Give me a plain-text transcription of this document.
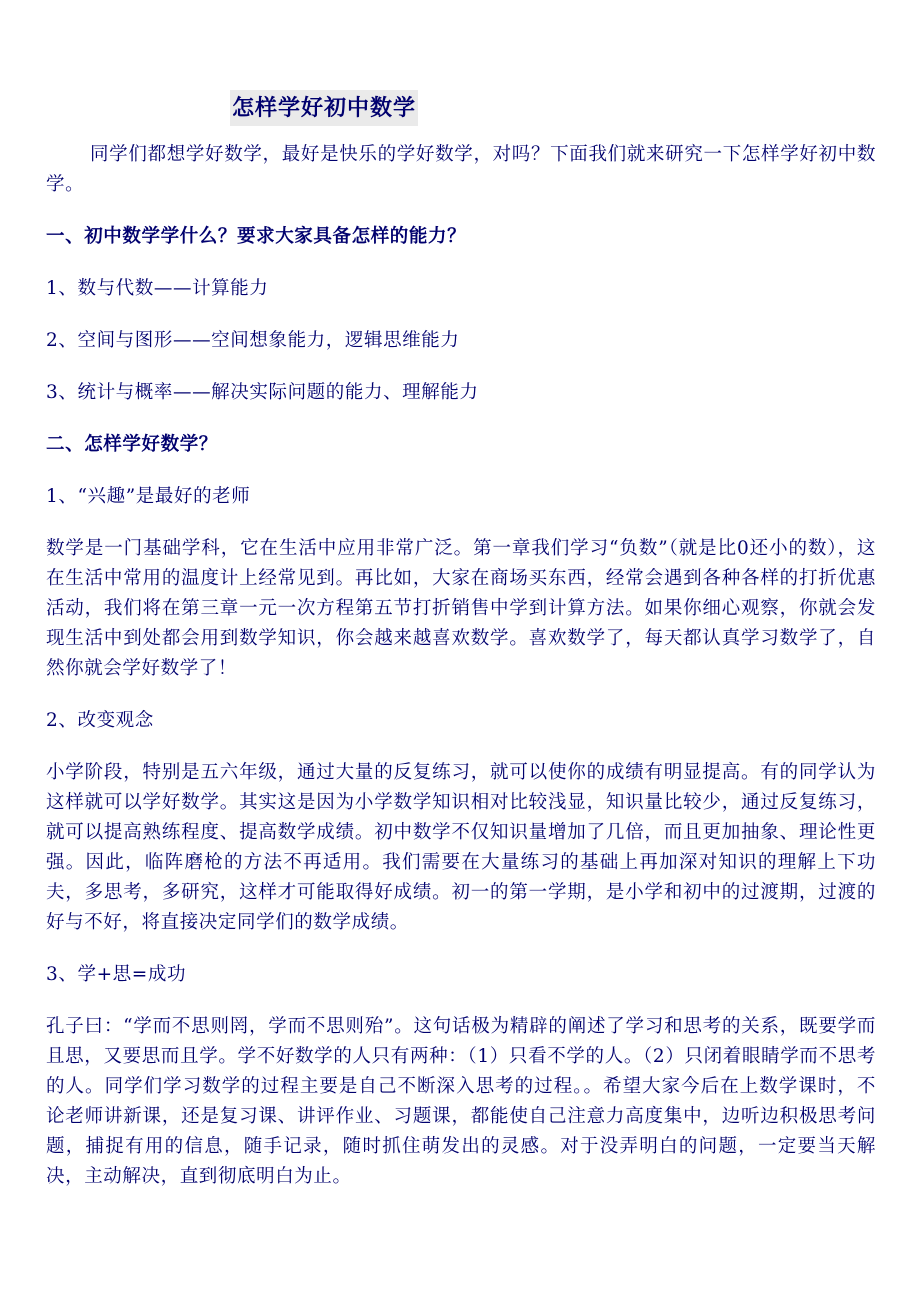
怎样学好初中数学

同学们都想学好数学，最好是快乐的学好数学，对吗？下面我们就来研究一下怎样学好初中数学。

一、初中数学学什么？要求大家具备怎样的能力？

1、数与代数——计算能力

2、空间与图形——空间想象能力，逻辑思维能力

3、统计与概率——解决实际问题的能力、理解能力

二、怎样学好数学？

1、“兴趣”是最好的老师

数学是一门基础学科，它在生活中应用非常广泛。第一章我们学习“负数”（就是比0还小的数），这在生活中常用的温度计上经常见到。再比如，大家在商场买东西，经常会遇到各种各样的打折优惠活动，我们将在第三章一元一次方程第五节打折销售中学到计算方法。如果你细心观察，你就会发现生活中到处都会用到数学知识，你会越来越喜欢数学。喜欢数学了，每天都认真学习数学了，自然你就会学好数学了！

2、改变观念

小学阶段，特别是五六年级，通过大量的反复练习，就可以使你的成绩有明显提高。有的同学认为这样就可以学好数学。其实这是因为小学数学知识相对比较浅显，知识量比较少，通过反复练习，就可以提高熟练程度、提高数学成绩。初中数学不仅知识量增加了几倍，而且更加抽象、理论性更强。因此，临阵磨枪的方法不再适用。我们需要在大量练习的基础上再加深对知识的理解上下功夫，多思考，多研究，这样才可能取得好成绩。初一的第一学期，是小学和初中的过渡期，过渡的好与不好，将直接决定同学们的数学成绩。

3、学+思=成功

孔子曰：“学而不思则罔，学而不思则殆”。这句话极为精辟的阐述了学习和思考的关系，既要学而且思，又要思而且学。学不好数学的人只有两种：（1）只看不学的人。（2）只闭着眼睛学而不思考的人。同学们学习数学的过程主要是自己不断深入思考的过程。。希望大家今后在上数学课时，不论老师讲新课，还是复习课、讲评作业、习题课，都能使自己注意力高度集中，边听边积极思考问题，捕捉有用的信息，随手记录，随时抓住萌发出的灵感。对于没弄明白的问题，一定要当天解决，主动解决，直到彻底明白为止。
